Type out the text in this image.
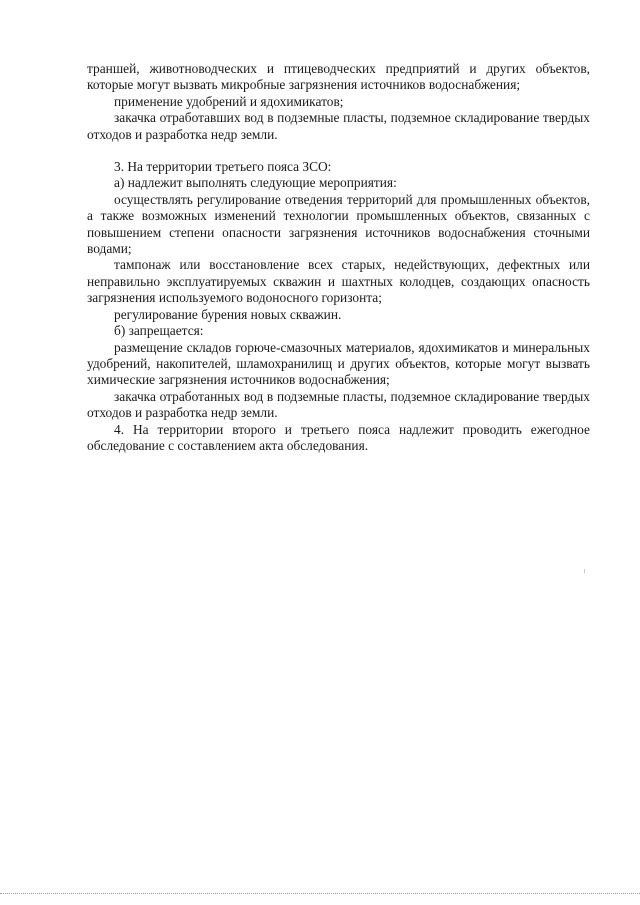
траншей, животноводческих и птицеводческих предприятий и других объектов, которые могут вызвать микробные загрязнения источников водоснабжения;

применение удобрений и ядохимикатов;

закачка отработавших вод в подземные пласты, подземное складирование твердых отходов и разработка недр земли.

3. На территории третьего пояса ЗСО:

а) надлежит выполнять следующие мероприятия:

осуществлять регулирование отведения территорий для промышленных объектов, а также возможных изменений технологии промышленных объектов, связанных с повышением степени опасности загрязнения источников водоснабжения сточными водами;

тампонаж или восстановление всех старых, недействующих, дефектных или неправильно эксплуатируемых скважин и шахтных колодцев, создающих опасность загрязнения используемого водоносного горизонта;

регулирование бурения новых скважин.

б) запрещается:

размещение складов горюче-смазочных материалов, ядохимикатов и минеральных удобрений, накопителей, шламохранилищ и других объектов, которые могут вызвать химические загрязнения источников водоснабжения;

закачка отработанных вод в подземные пласты, подземное складирование твердых отходов и разработка недр земли.

4. На территории второго и третьего пояса надлежит проводить ежегодное обследование с составлением акта обследования.
